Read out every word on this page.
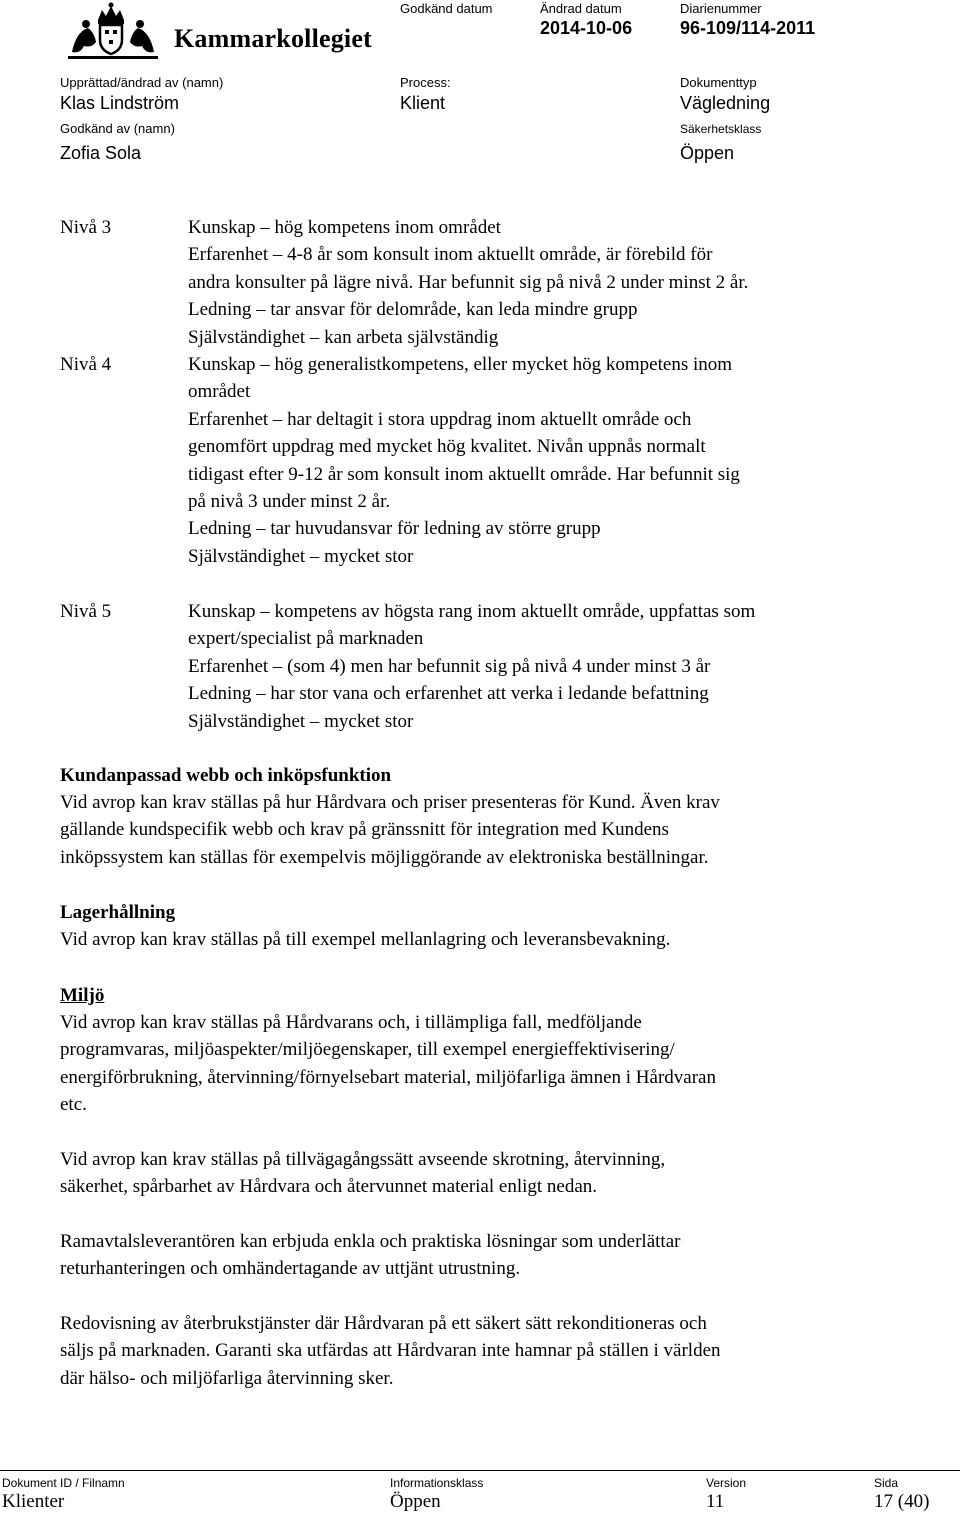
Kammarkollegiet
Godkänd datum	Ändrad datum
2014-10-06
Diarienummer
96-109/114-2011
Upprättad/ändrad av (namn)
Klas Lindström
Process:
Klient
Dokumenttyp
Vägledning
Godkänd av (namn)
Zofia Sola
Säkerhetsklass
Öppen
Nivå 3	Kunskap – hög kompetens inom området
Erfarenhet – 4-8 år som konsult inom aktuellt område, är förebild för
andra konsulter på lägre nivå. Har befunnit sig på nivå 2 under minst 2 år.
Ledning – tar ansvar för delområde, kan leda mindre grupp
Självständighet – kan arbeta självständig
Nivå 4	Kunskap – hög generalistkompetens, eller mycket hög kompetens inom
området
Erfarenhet – har deltagit i stora uppdrag inom aktuellt område och
genomfört uppdrag med mycket hög kvalitet. Nivån uppnås normalt
tidigast efter 9-12 år som konsult inom aktuellt område. Har befunnit sig
på nivå 3 under minst 2 år.
Ledning – tar huvudansvar för ledning av större grupp
Självständighet – mycket stor
Nivå 5	Kunskap – kompetens av högsta rang inom aktuellt område, uppfattas som
expert/specialist på marknaden
Erfarenhet – (som 4) men har befunnit sig på nivå 4 under minst 3 år
Ledning – har stor vana och erfarenhet att verka i ledande befattning
Självständighet – mycket stor
Kundanpassad webb och inköpsfunktion
Vid avrop kan krav ställas på hur Hårdvara och priser presenteras för Kund. Även krav
gällande kundspecifik webb och krav på gränssnitt för integration med Kundens
inköpssystem kan ställas för exempelvis möjliggörande av elektroniska beställningar.
Lagerhållning
Vid avrop kan krav ställas på till exempel mellanlagring och leveransbevakning.
Miljö
Vid avrop kan krav ställas på Hårdvarans och, i tillämpliga fall, medföljande
programvaras, miljöaspekter/miljöegenskaper, till exempel energieffektivisering/
energiförbrukning, återvinning/förnyelsebart material, miljöfarliga ämnen i Hårdvaran
etc.
Vid avrop kan krav ställas på tillvägagångssätt avseende skrotning, återvinning,
säkerhet, spårbarhet av Hårdvara och återvunnet material enligt nedan.
Ramavtalsleverantören kan erbjuda enkla och praktiska lösningar som underlättar
returhanteringen och omhändertagande av uttjänt utrustning.
Redovisning av återbrukstjänster där Hårdvaran på ett säkert sätt rekonditioneras och
säljs på marknaden. Garanti ska utfärdas att Hårdvaran inte hamnar på ställen i världen
där hälso- och miljöfarliga återvinning sker.
Dokument ID / Filnamn
Klienter
Informationsklass
Öppen
Version
11
Sida
17 (40)
